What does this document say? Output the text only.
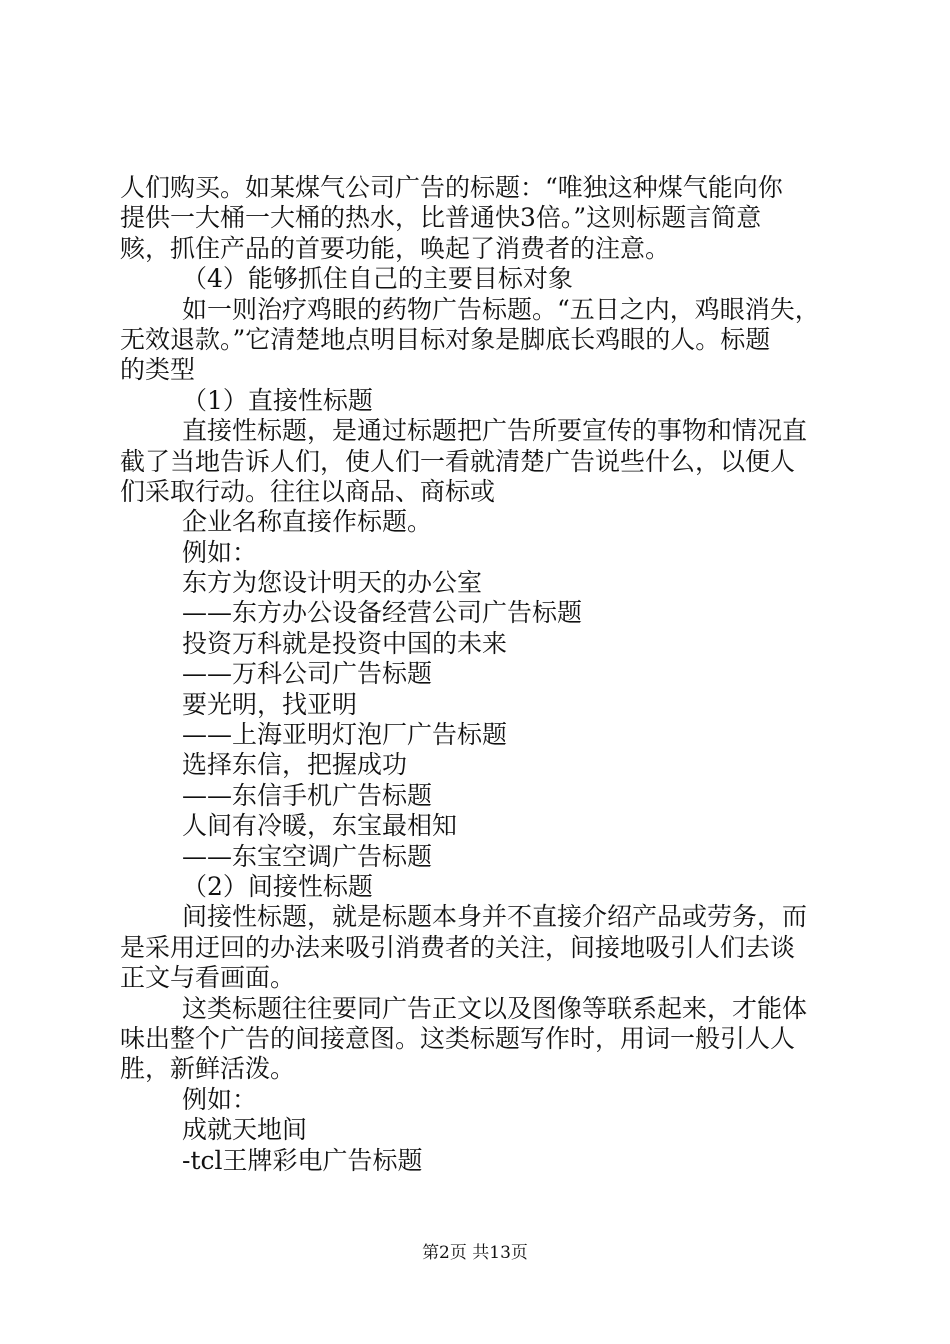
人们购买。如某煤气公司广告的标题：“唯独这种煤气能向你
提供一大桶一大桶的热水，比普通快3倍。”这则标题言简意
赅，抓住产品的首要功能，唤起了消费者的注意。
（4）能够抓住自己的主要目标对象
如一则治疗鸡眼的药物广告标题。“五日之内，鸡眼消失，
无效退款。”它清楚地点明目标对象是脚底长鸡眼的人。标题
的类型
（1）直接性标题
直接性标题，是通过标题把广告所要宣传的事物和情况直
截了当地告诉人们，使人们一看就清楚广告说些什么，以便人
们采取行动。往往以商品、商标或
企业名称直接作标题。
例如：
东方为您设计明天的办公室
——东方办公设备经营公司广告标题
投资万科就是投资中国的未来
——万科公司广告标题
要光明，找亚明
——上海亚明灯泡厂广告标题
选择东信，把握成功
——东信手机广告标题
人间有冷暖，东宝最相知
——东宝空调广告标题
（2）间接性标题
间接性标题，就是标题本身并不直接介绍产品或劳务，而
是采用迂回的办法来吸引消费者的关注，间接地吸引人们去谈
正文与看画面。
这类标题往往要同广告正文以及图像等联系起来，才能体
味出整个广告的间接意图。这类标题写作时，用词一般引人人
胜，新鲜活泼。
例如：
成就天地间
-tcl王牌彩电广告标题
第2页 共13页
